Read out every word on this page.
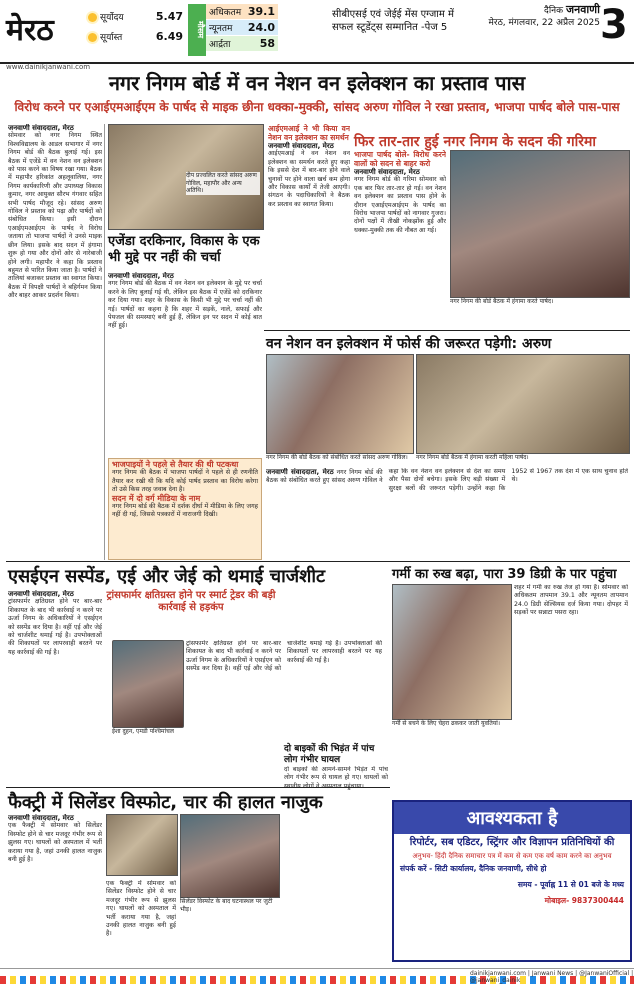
मेरठ	सूर्योदय	5.47
सूर्यास्त	6.49	मौसम
अधिकतम 39.1
न्यूनतम 24.0
आर्द्रता	58
सीबीएसई एवं जेईई मेंस एग्जाम में सफल स्टूडेंट्स सम्मानित -पेज 5
दैनिक जनवाणी
मेरठ, मंगलवार, 22 अप्रैल 2025 3
www.dainikjanwani.com
नगर निगम बोर्ड में वन नेशन वन इलेक्शन का प्रस्ताव पास
विरोध करने पर एआईएमआईएम के पार्षद से माइक छीना धक्का-मुक्की, सांसद अरुण गोविल ने रखा प्रस्ताव, भाजपा पार्षद बोले पास-पास
जनवाणी संवाददाता, मेरठ
सोमवार को नगर निगम स्थित विश्वविद्यालय के आडल सभागार में नगर निगम बोर्ड की बैठक बुलाई गई। इस बैठक में एजेंडे में वन नेशन वन इलेक्शन को पास करने का विषय रखा गया। बैठक में महापौर हरिकांत अहलूवालिया, नगर निगम कार्यकारिणी और उपाध्यक्ष विकास कुमार, नगर आयुक्त सौरभ गंगवार सहित सभी पार्षद मौजूद रहे। सांसद अरुण गोविल ने प्रस्ताव को पढ़ा और पार्षदों को संबोधित किया। इसी दौरान एआईएमआईएम के पार्षद ने विरोध जताया तो भाजपा पार्षदों ने उनसे माइक छीन लिया। इसके बाद सदन में हंगामा शुरू हो गया और दोनों ओर से नारेबाजी होने लगी। महापौर ने कहा कि प्रस्ताव बहुमत से पारित किया जाता है। पार्षदों ने तालियां बजाकर प्रस्ताव का स्वागत किया। बैठक में विपक्षी पार्षदों ने बहिर्गमन किया और बाहर आकर प्रदर्शन किया।
दीप प्रज्वलित करते सांसद अरुण गोविल, महापौर और अन्य अतिथि।
एजेंडा दरकिनार, विकास के एक भी मुद्दे पर नहीं की चर्चा
जनवाणी संवाददाता, मेरठ
नगर निगम बोर्ड की बैठक में वन नेशन वन इलेक्शन के मुद्दे पर चर्चा करने के लिए बुलाई गई थी, लेकिन इस बैठक में एजेंडे को दरकिनार कर दिया गया। शहर के विकास के किसी भी मुद्दे पर चर्चा नहीं की गई। पार्षदों का कहना है कि शहर में सड़कें, नाले, सफाई और पेयजल की समस्याएं बनी हुई हैं, लेकिन इन पर सदन में कोई बात नहीं हुई।
आईएमआई ने भी किया वन नेशन वन इलेक्शन का समर्थन
जनवाणी संवाददाता, मेरठ
आईएमआई ने वन नेशन वन इलेक्शन का समर्थन करते हुए कहा कि इससे देश में बार-बार होने वाले चुनावों पर होने वाला खर्च कम होगा और विकास कार्यों में तेजी आएगी। संगठन के पदाधिकारियों ने बैठक कर प्रस्ताव का स्वागत किया।
फिर तार-तार हुई नगर निगम के सदन की गरिमा
भाजपा पार्षद बोले- विरोध करने वालों को सदन से बाहर करो
जनवाणी संवाददाता, मेरठ
नगर निगम बोर्ड की गरिमा सोमवार को एक बार फिर तार-तार हो गई। वन नेशन वन इलेक्शन का प्रस्ताव पास होने के दौरान एआईएमआईएम के पार्षद का विरोध भाजपा पार्षदों को नागवार गुजरा। दोनों पक्षों में तीखी नोकझोंक हुई और धक्का-मुक्की तक की नौबत आ गई।
नगर निगम की बोर्ड बैठक में हंगामा करते पार्षद।
वन नेशन वन इलेक्शन में फोर्स की जरूरत पड़ेगी: अरुण
नगर निगम की बोर्ड बैठक को संबोधित करते सांसद अरुण गोविल।	नगर निगम बोर्ड बैठक में हंगामा करती महिला पार्षद।
जनवाणी संवाददाता, मेरठ नगर निगम बोर्ड की बैठक को संबोधित करते हुए सांसद अरुण गोविल ने कहा कि वन नेशन वन इलेक्शन से देश का समय और पैसा दोनों बचेगा। इसके लिए बड़ी संख्या में सुरक्षा बलों की जरूरत पड़ेगी। उन्होंने कहा कि 1952 से 1967 तक देश में एक साथ चुनाव होते थे।
भाजपाइयों ने पहले से तैयार की थी पटकथा
नगर निगम की बैठक में भाजपा पार्षदों ने पहले से ही रणनीति तैयार कर रखी थी कि यदि कोई पार्षद प्रस्ताव का विरोध करेगा तो उसे किस तरह जवाब देना है।
सदन में दो वर्ग मीडिया के नाम
नगर निगम बोर्ड की बैठक में दर्शक दीर्घा में मीडिया के लिए जगह नहीं दी गई, जिससे पत्रकारों में नाराजगी दिखी।
एसईएन सस्पेंड, एई और जेई को थमाई चार्जशीट
जनवाणी संवाददाता, मेरठ
ट्रांसफार्मर क्षतिग्रस्त होने पर बार-बार शिकायत के बाद भी कार्रवाई न करने पर ऊर्जा निगम के अधिकारियों ने एसईएन को सस्पेंड कर दिया है। वहीं एई और जेई को चार्जशीट थमाई गई है। उपभोक्ताओं की शिकायतों पर लापरवाही बरतने पर यह कार्रवाई की गई है।
ट्रांसफार्मर क्षतिग्रस्त होने पर स्मार्ट ट्रेडर की बड़ी कार्रवाई से हड़कंप
ईशा दुहन, एमडी पश्चिमांचल
ट्रांसफार्मर क्षतिग्रस्त होने पर बार-बार शिकायत के बाद भी कार्रवाई न करने पर ऊर्जा निगम के अधिकारियों ने एसईएन को सस्पेंड कर दिया है। वहीं एई और जेई को चार्जशीट थमाई गई है। उपभोक्ताओं की शिकायतों पर लापरवाही बरतने पर यह कार्रवाई की गई है।
गर्मी का रुख बढ़ा, पारा 39 डिग्री के पार पहुंचा
गर्मी से बचने के लिए चेहरा ढककर जाती युवतियां।
शहर में गर्मी का रुख तेज हो गया है। सोमवार को अधिकतम तापमान 39.1 और न्यूनतम तापमान 24.0 डिग्री सेल्सियस दर्ज किया गया। दोपहर में सड़कों पर सन्नाटा पसरा रहा।
दो बाइकों की भिड़ंत में पांच लोग गंभीर घायल
दो बाइकों की आमने-सामने भिड़ंत में पांच लोग गंभीर रूप से घायल हो गए। घायलों को
फैक्ट्री में सिलेंडर विस्फोट, चार की हालत नाजुक
जनवाणी संवाददाता, मेरठ
एक फैक्ट्री में सोमवार को सिलेंडर विस्फोट होने से चार मजदूर गंभीर रूप से झुलस गए। घायलों को अस्पताल में भर्ती कराया गया है, जहां उनकी हालत नाजुक बनी हुई है।
सिलेंडर विस्फोट के बाद घटनास्थल पर जुटी भीड़।
एक फैक्ट्री में सोमवार को सिलेंडर विस्फोट होने से चार मजदूर गंभीर रूप से झुलस गए। घायलों को अस्पताल में भर्ती कराया गया है, जहां उनकी हालत नाजुक बनी हुई है।
आवश्यकता है
रिपोर्टर, सब एडिटर, स्ट्रिंगर और विज्ञापन प्रतिनिधियों की
अनुभव- हिंदी दैनिक समाचार पत्र में कम से कम एक वर्ष काम करने का अनुभव
संपर्क करें - सिटी कार्यालय, दैनिक जनवाणी, सीधे हो
समय - पूर्वाह्न 11 से 01 बजे के मध्य
मोबाइल- 9837300444
dainikjanwani.com | Janwani News | @JanwaniOfficial | @janwani_dainik
